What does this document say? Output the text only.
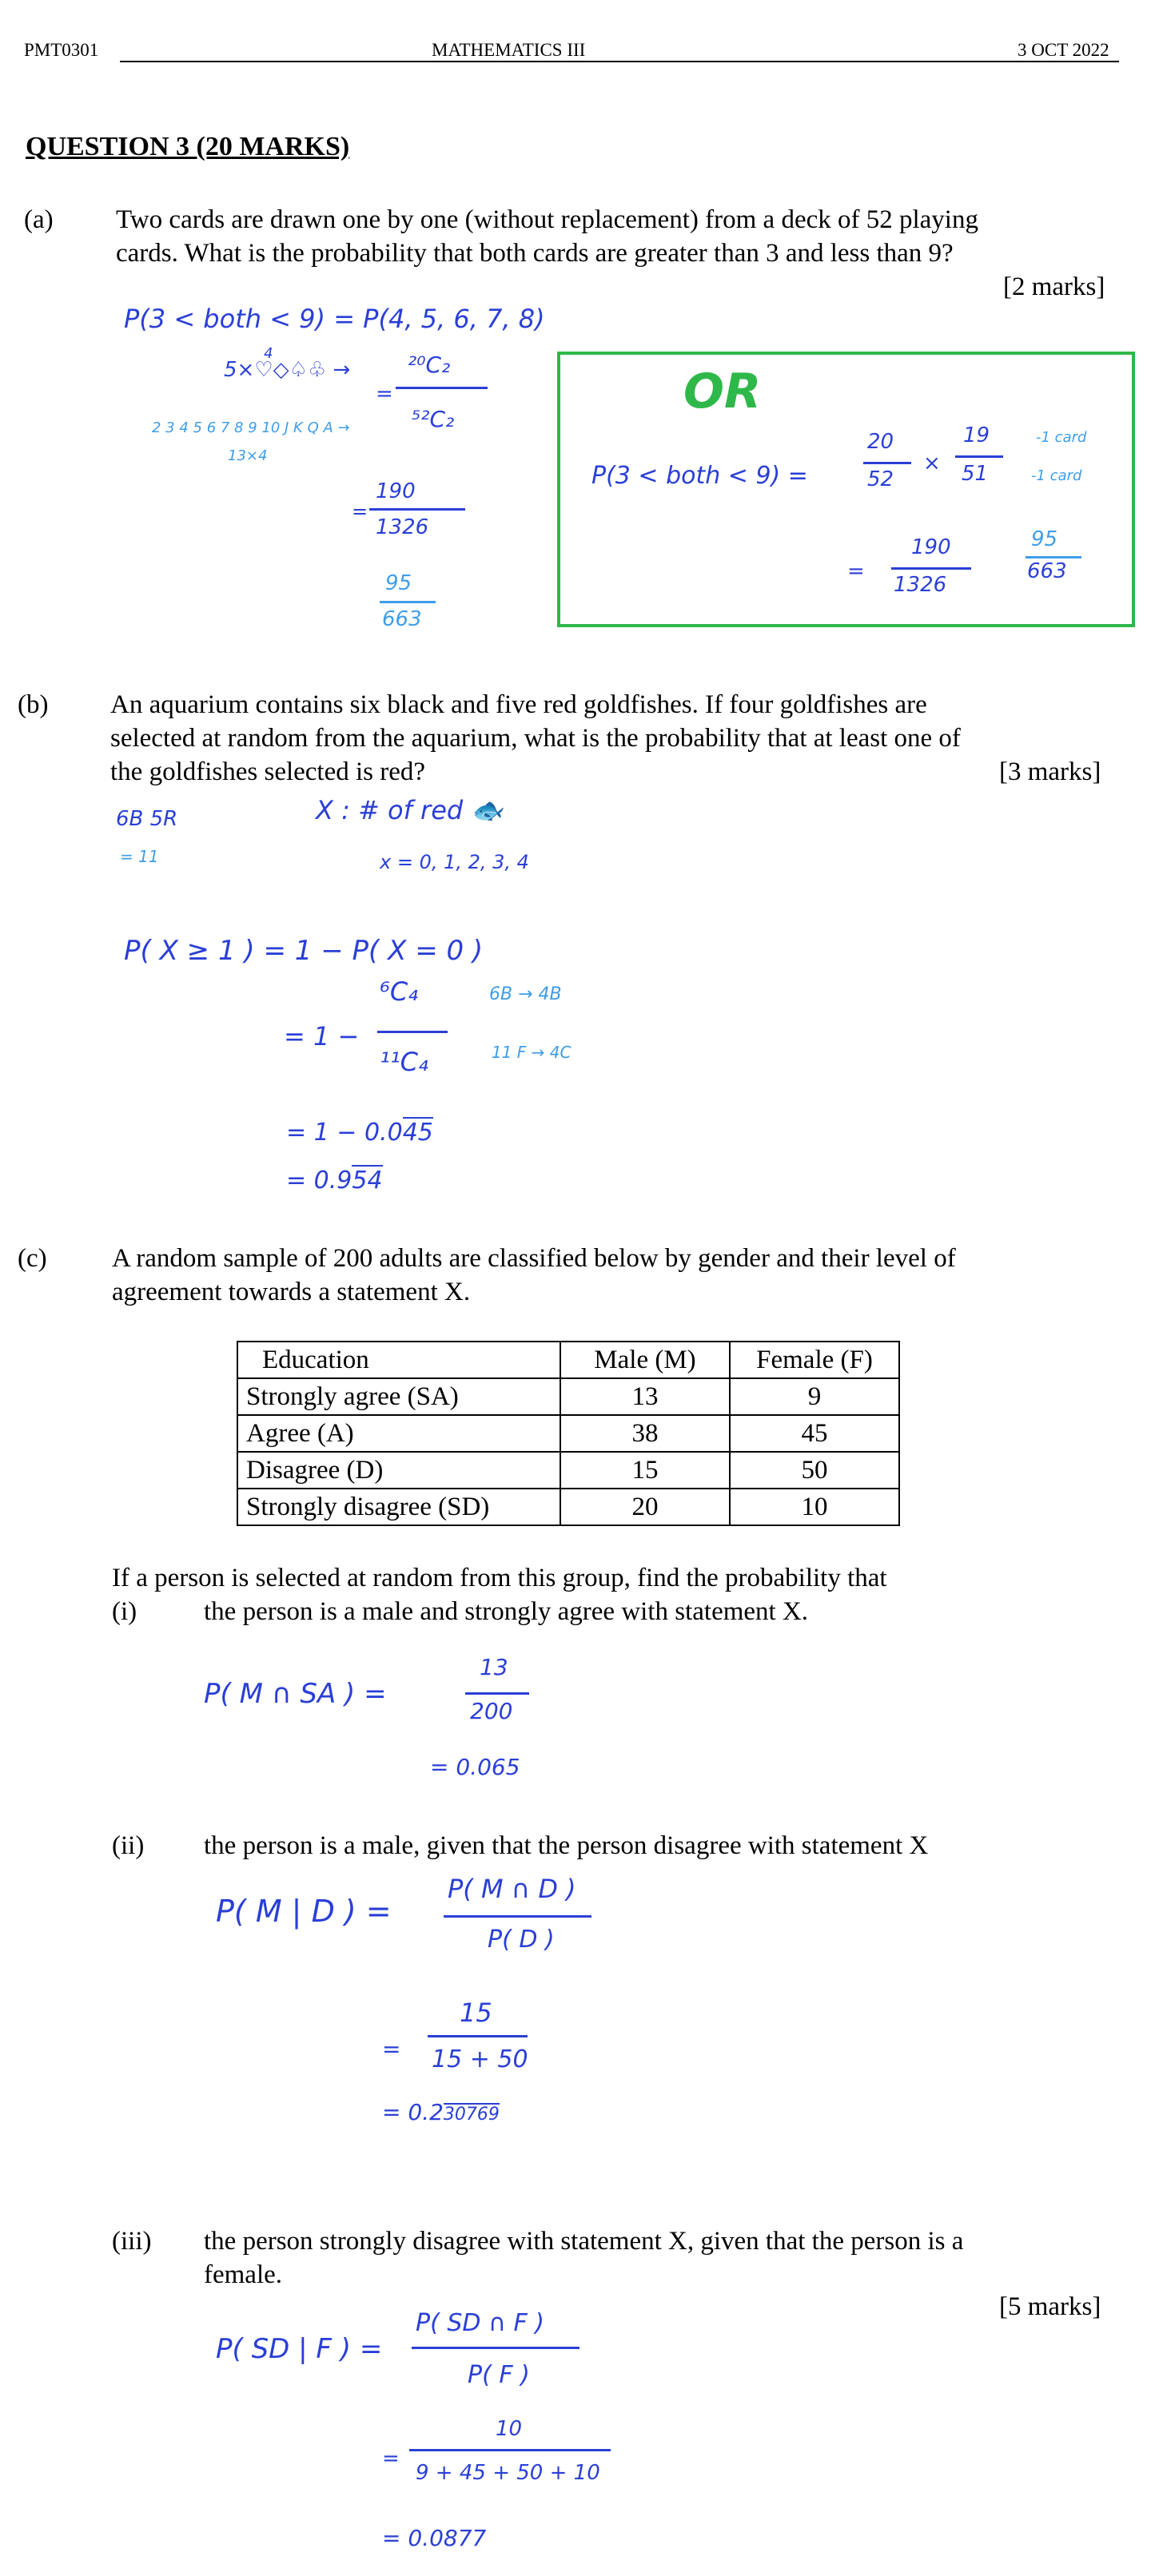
PMT0301	MATHEMATICS III	3 OCT 2022
QUESTION 3 (20 MARKS)
(a) Two cards are drawn one by one (without replacement) from a deck of 52 playing
cards. What is the probability that both cards are greater than 3 and less than 9?
[2 marks]
P(3 < both < 9) = P(4, 5, 6, 7, 8)
4
5×♡◇♤♧ →	²⁰C₂
=
⁵²C₂
2 3 4 5 6 7 8 9 10 J K Q A →
13×4
190
=
1326
95
663
OR
P(3 < both < 9) =
20
52
×
19
51
-1 card
-1 card
=
190
1326
95
663
(b) An aquarium contains six black and five red goldfishes. If four goldfishes are
selected at random from the aquarium, what is the probability that at least one of
the goldfishes selected is red?	[3 marks]
6B 5R
= 11
X : # of red 🐟
x = 0, 1, 2, 3, 4
P( X ≥ 1 ) = 1 − P( X = 0 )
= 1 −
⁶C₄
¹¹C₄
6B → 4B
11 F → 4C
= 1 − 0.045
= 0.954
(c) A random sample of 200 adults are classified below by gender and their level of
agreement towards a statement X.
Education	Male (M)	Female (F)
Strongly agree (SA)	13	9
Agree (A)	38	45
Disagree (D)	15	50
Strongly disagree (SD)	20	10
If a person is selected at random from this group, find the probability that
(i)	the person is a male and strongly agree with statement X.
P( M ∩ SA ) =
13
200
= 0.065
(ii) the person is a male, given that the person disagree with statement X
P( M | D ) =
P( M ∩ D )
P( D )
=
15
15 + 50
= 0.230769
(iii) the person strongly disagree with statement X, given that the person is a
female.
[5 marks]
P( SD | F ) =
P( SD ∩ F )
P( F )
=
10
9 + 45 + 50 + 10
= 0.0877
